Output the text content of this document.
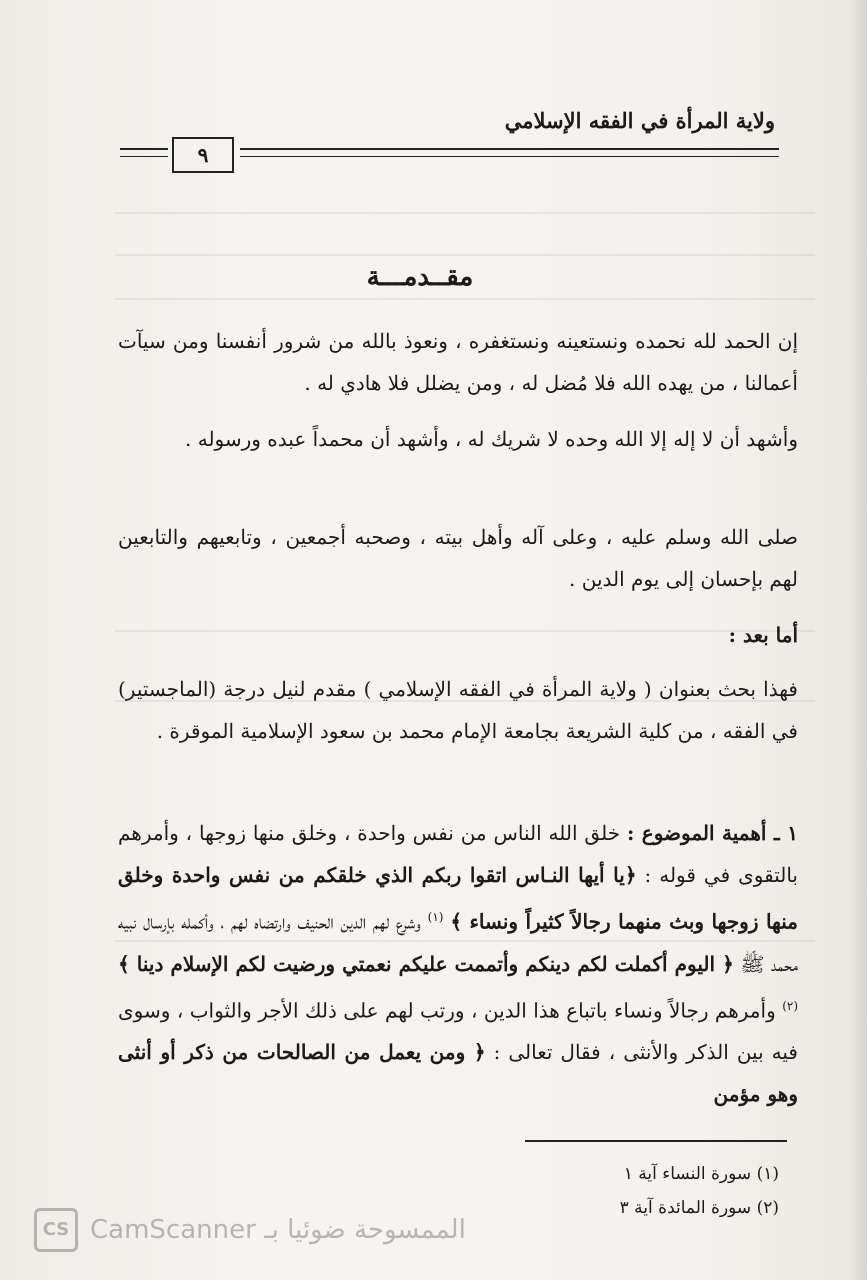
ولاية المرأة في الفقه الإسلامي
٩
مقــدمـــة
إن الحمد لله نحمده ونستعينه ونستغفره ، ونعوذ بالله من شرور أنفسنا ومن سيآت أعمالنا ، من يهده الله فلا مُضل له ، ومن يضلل فلا هادي له .
وأشهد أن لا إله إلا الله وحده لا شريك له ، وأشهد أن محمداً عبده ورسوله .
صلى الله وسلم عليه ، وعلى آله وأهل بيته ، وصحبه أجمعين ، وتابعيهم والتابعين لهم بإحسان إلى يوم الدين .
أما بعد :
فهذا بحث بعنوان ( ولاية المرأة في الفقه الإسلامي ) مقدم لنيل درجة (الماجستير) في الفقه ، من كلية الشريعة بجامعة الإمام محمد بن سعود الإسلامية الموقرة .
١ ـ أهمية الموضوع : خلق الله الناس من نفس واحدة ، وخلق منها زوجها ، وأمرهم بالتقوى في قوله : ﴿يا أيها النـاس اتقوا ربكم الذي خلقكم من نفس واحدة وخلق منها زوجها وبث منهما رجالاً كثيراً ونساء ﴾ $^{(١)}$ وشرع لهم الدين الحنيف وارتضاه لهم ، وأكمله بإرسال نبيه محمد ﷺ ﴿ اليوم أكملت لكم دينكم وأتممت عليكم نعمتي ورضيت لكم الإسلام دينا ﴾ $^{(٢)}$ وأمرهم رجالاً ونساء باتباع هذا الدين ، ورتب لهم على ذلك الأجر والثواب ، وسوى فيه بين الذكر والأنثى ، فقال تعالى : ﴿ ومن يعمل من الصالحات من ذكر أو أنثى وهو مؤمن
(١) سورة النساء آية ١
(٢) سورة المائدة آية ٣
CS CamScanner الممسوحة ضوئيا بـ
